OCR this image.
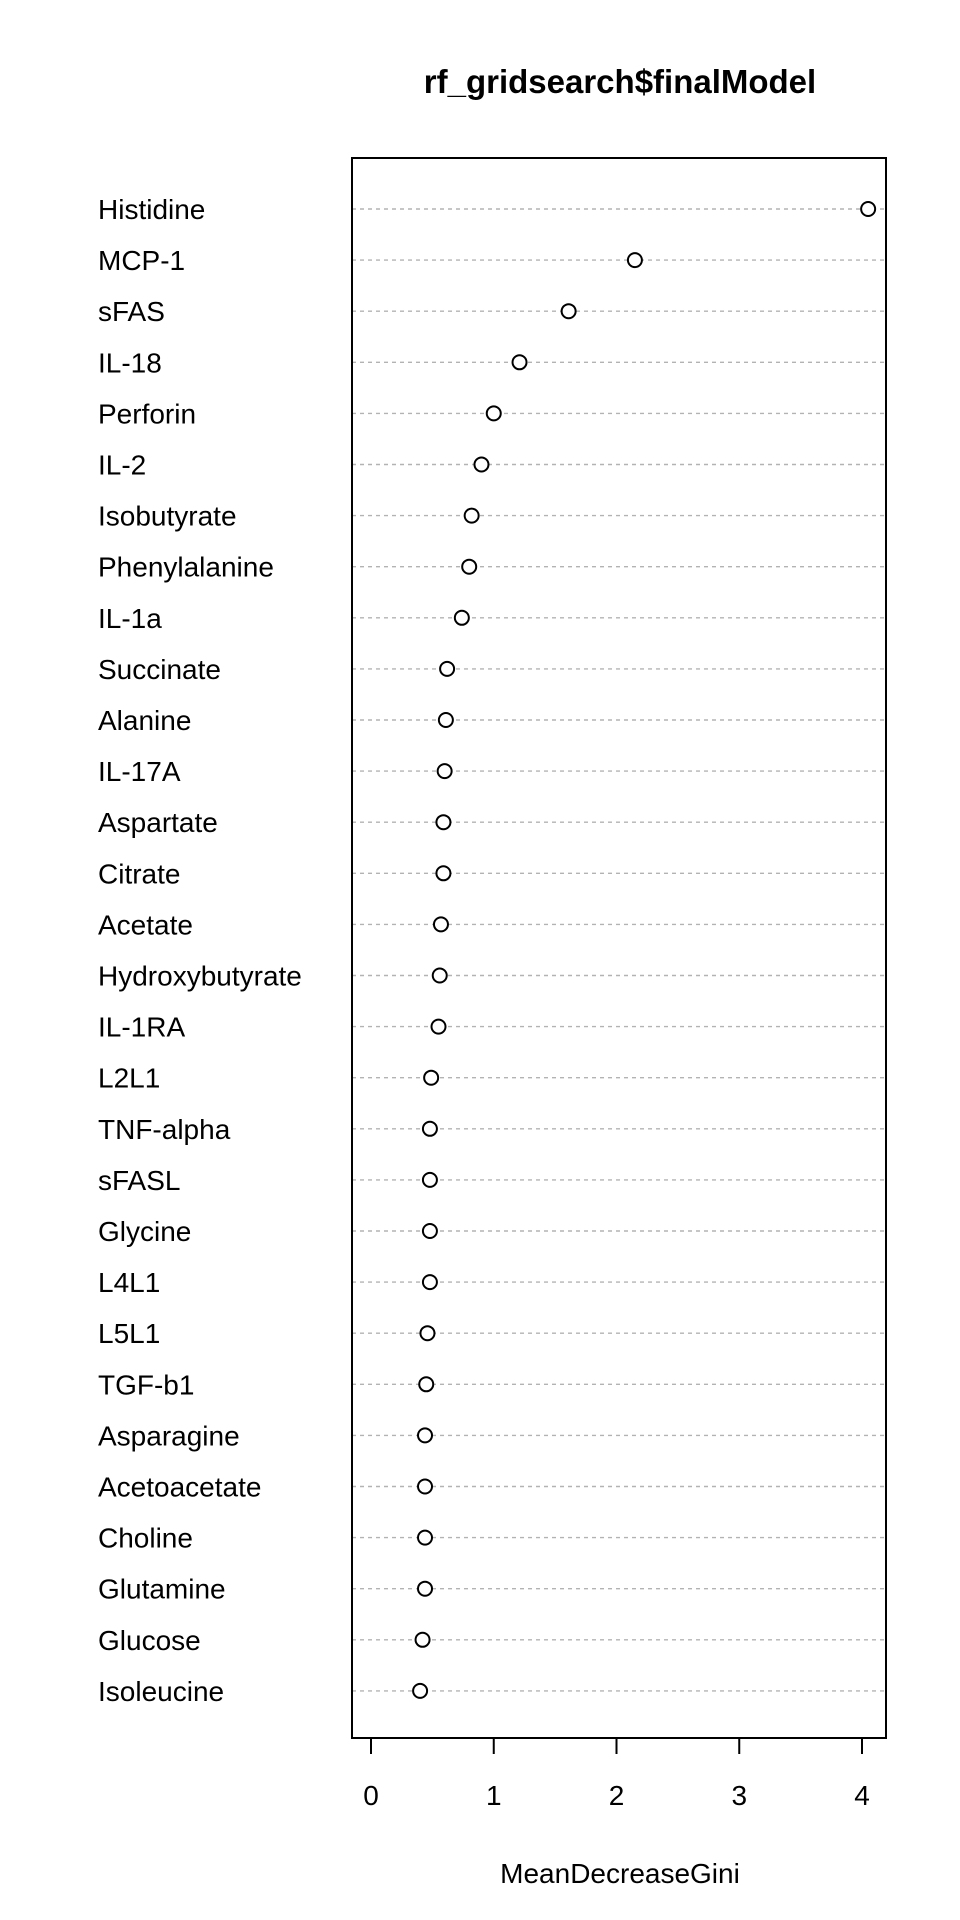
rf_gridsearch$finalModel
Histidine
MCP-1
sFAS
IL-18
Perforin
IL-2
Isobutyrate
Phenylalanine
IL-1a
Succinate
Alanine
IL-17A
Aspartate
Citrate
Acetate
Hydroxybutyrate
IL-1RA
L2L1
TNF-alpha
sFASL
Glycine
L4L1
L5L1
TGF-b1
Asparagine
Acetoacetate
Choline
Glutamine
Glucose
Isoleucine
0	1	2	3	4
MeanDecreaseGini
